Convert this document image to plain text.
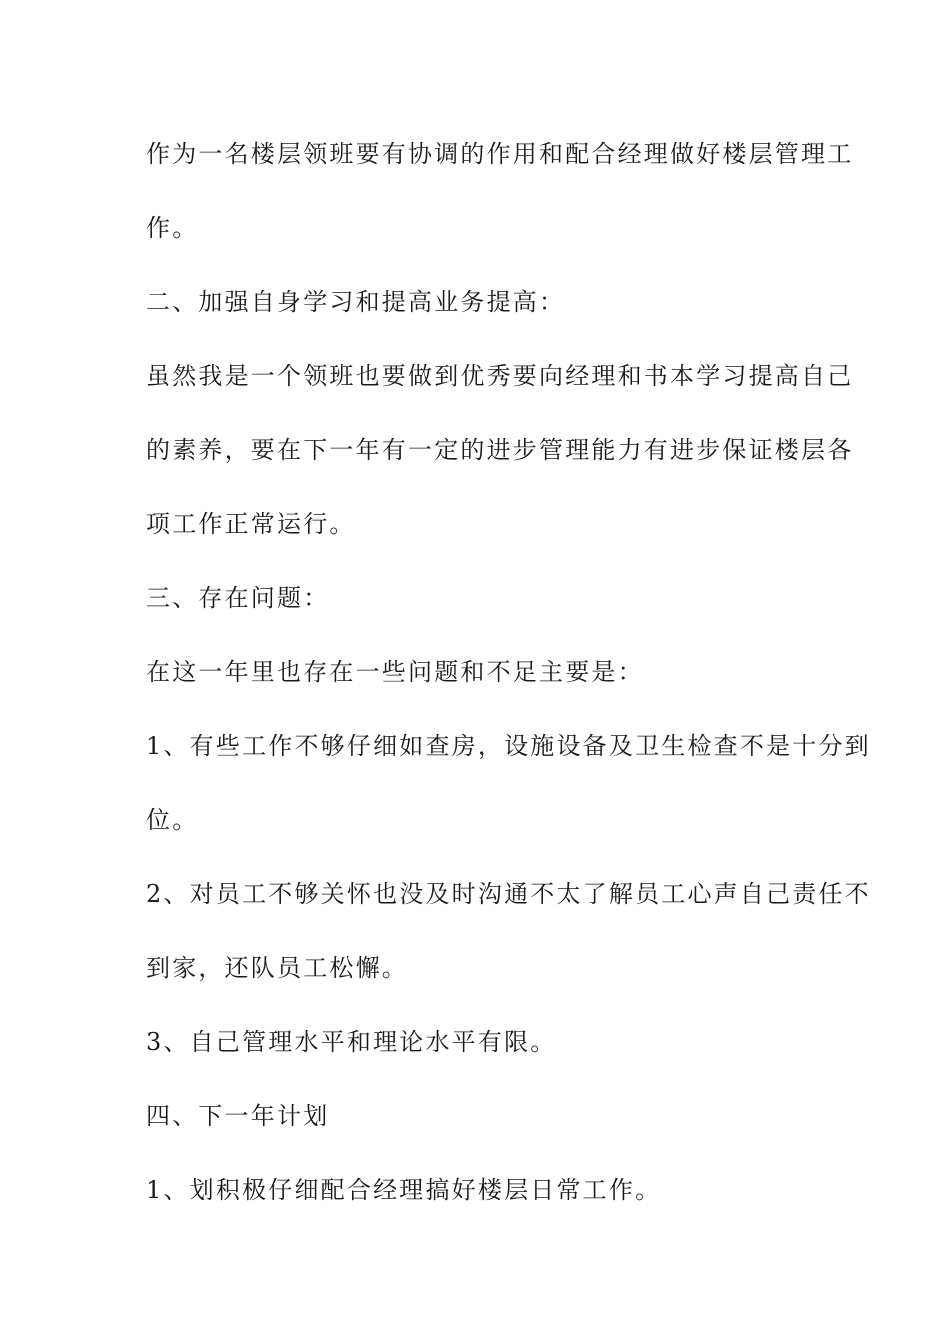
作为一名楼层领班要有协调的作用和配合经理做好楼层管理工
作。
二、加强自身学习和提高业务提高：
虽然我是一个领班也要做到优秀要向经理和书本学习提高自己
的素养，要在下一年有一定的进步管理能力有进步保证楼层各
项工作正常运行。
三、存在问题：
在这一年里也存在一些问题和不足主要是：
1、有些工作不够仔细如查房，设施设备及卫生检查不是十分到
位。
2、对员工不够关怀也没及时沟通不太了解员工心声自己责任不
到家，还队员工松懈。
3、自己管理水平和理论水平有限。
四、下一年计划
1、划积极仔细配合经理搞好楼层日常工作。
